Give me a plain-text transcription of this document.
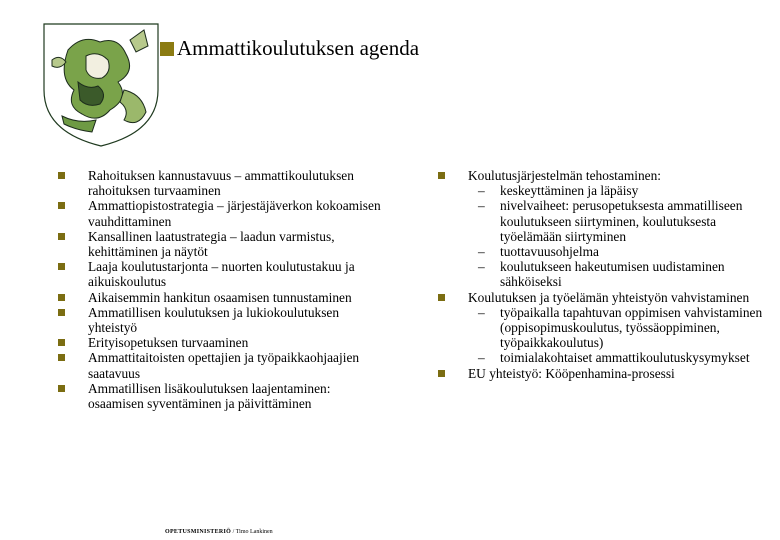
Ammattikoulutuksen agenda
Rahoituksen kannustavuus – ammattikoulutuksen rahoituksen turvaaminen
Ammattiopistostrategia – järjestäjäverkon kokoamisen vauhdittaminen
Kansallinen laatustrategia – laadun varmistus, kehittäminen ja näytöt
Laaja koulutustarjonta – nuorten koulutustakuu ja aikuiskoulutus
Aikaisemmin hankitun osaamisen tunnustaminen
Ammatillisen koulutuksen ja lukiokoulutuksen yhteistyö
Erityisopetuksen turvaaminen
Ammattitaitoisten opettajien ja työpaikkaohjaajien saatavuus
Ammatillisen lisäkoulutuksen laajentaminen: osaamisen syventäminen ja päivittäminen
Koulutusjärjestelmän tehostaminen:
– keskeyttäminen ja läpäisy
– nivelvaiheet: perusopetuksesta ammatilliseen koulutukseen siirtyminen, koulutuksesta työelämään siirtyminen
– tuottavuusohjelma
– koulutukseen hakeutumisen uudistaminen sähköiseksi
Koulutuksen ja työelämän yhteistyön vahvistaminen
– työpaikalla tapahtuvan oppimisen vahvistaminen (oppisopimuskoulutus, työssäoppiminen, työpaikkakoulutus)
– toimialakohtaiset ammattikoulutuskysymykset
EU yhteistyö: Kööpenhamina-prosessi
OPETUSMINISTERIÖ / Timo Lankinen
